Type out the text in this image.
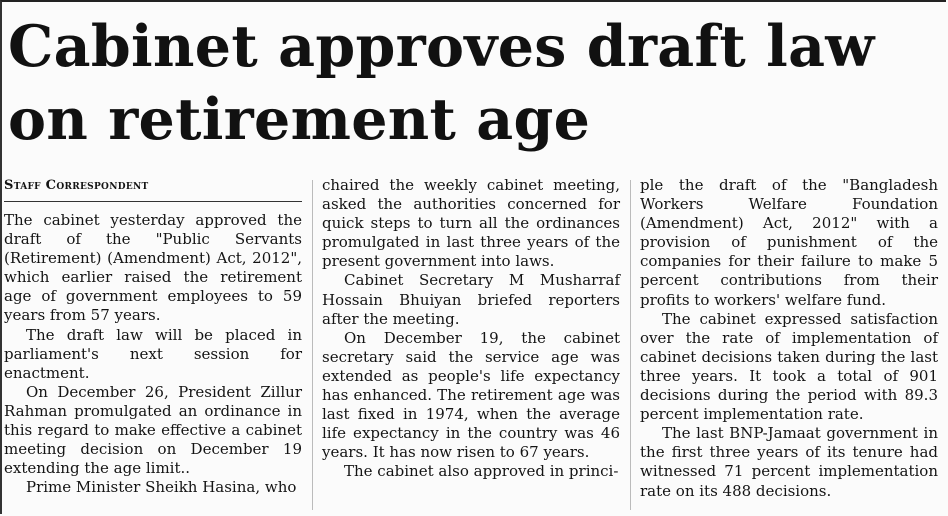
Cabinet approves draft law
on retirement age
Staff Correspondent

The cabinet yesterday approved the draft of the "Public Servants (Retirement) (Amendment) Act, 2012", which earlier raised the retirement age of government employees to 59 years from 57 years.

The draft law will be placed in parliament's next session for enactment.

On December 26, President Zillur Rahman promulgated an ordinance in this regard to make effective a cabinet meeting decision on December 19 extending the age limit..

Prime Minister Sheikh Hasina, who

chaired the weekly cabinet meeting, asked the authorities concerned for quick steps to turn all the ordinances promulgated in last three years of the present government into laws.

Cabinet Secretary M Musharraf Hossain Bhuiyan briefed reporters after the meeting.

On December 19, the cabinet secretary said the service age was extended as people's life expectancy has enhanced. The retirement age was last fixed in 1974, when the average life expectancy in the country was 46 years. It has now risen to 67 years.

The cabinet also approved in princi-

ple the draft of the "Bangladesh Workers Welfare Foundation (Amendment) Act, 2012" with a provision of punishment of the companies for their failure to make 5 percent contributions from their profits to workers' welfare fund.

The cabinet expressed satisfaction over the rate of implementation of cabinet decisions taken during the last three years. It took a total of 901 decisions during the period with 89.3 percent implementation rate.

The last BNP-Jamaat government in the first three years of its tenure had witnessed 71 percent implementation rate on its 488 decisions.
